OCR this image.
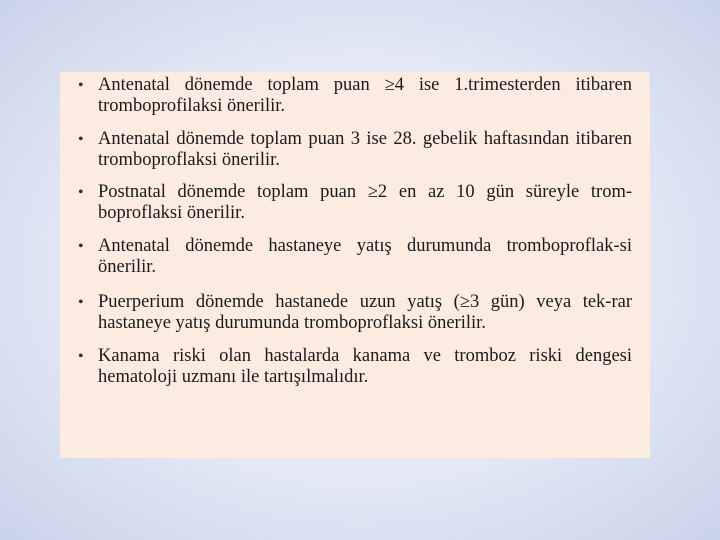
• Antenatal dönemde toplam puan ≥4 ise 1.trimesterden itibaren tromboprofilaksi önerilir.
• Antenatal dönemde toplam puan 3 ise 28. gebelik haftasından itibaren tromboproflaksi önerilir.
• Postnatal dönemde toplam puan ≥2 en az 10 gün süreyle trom-boproflaksi önerilir.
• Antenatal dönemde hastaneye yatış durumunda tromboproflak-si önerilir.
• Puerperium dönemde hastanede uzun yatış (≥3 gün) veya tek-rar hastaneye yatış durumunda tromboproflaksi önerilir.
• Kanama riski olan hastalarda kanama ve tromboz riski dengesi hematoloji uzmanı ile tartışılmalıdır.
